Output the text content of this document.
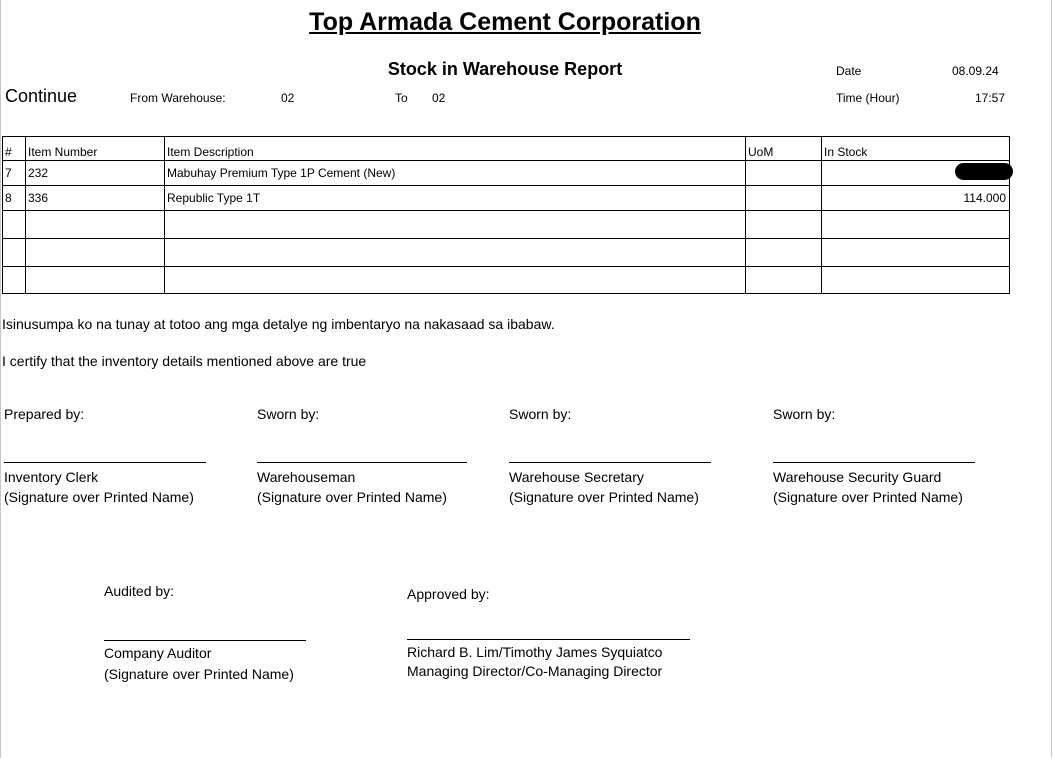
Top Armada Cement Corporation
Stock in Warehouse Report
Continue	From Warehouse:	02	To 02
Date	08.09.24
Time (Hour)	17:57
#	Item Number	Item Description	UoM	In Stock
7	232	Mabuhay Premium Type 1P Cement (New)		
8	336	Republic Type 1T		114.000

Isinusumpa ko na tunay at totoo ang mga detalye ng imbentaryo na nakasaad sa ibabaw.
I certify that the inventory details mentioned above are true
Prepared by:
Inventory Clerk
(Signature over Printed Name)
Sworn by:
Warehouseman
(Signature over Printed Name)
Sworn by:
Warehouse Secretary
(Signature over Printed Name)
Sworn by:
Warehouse Security Guard
(Signature over Printed Name)
Audited by:
Company Auditor
(Signature over Printed Name)
Approved by:
Richard B. Lim/Timothy James Syquiatco
Managing Director/Co-Managing Director
